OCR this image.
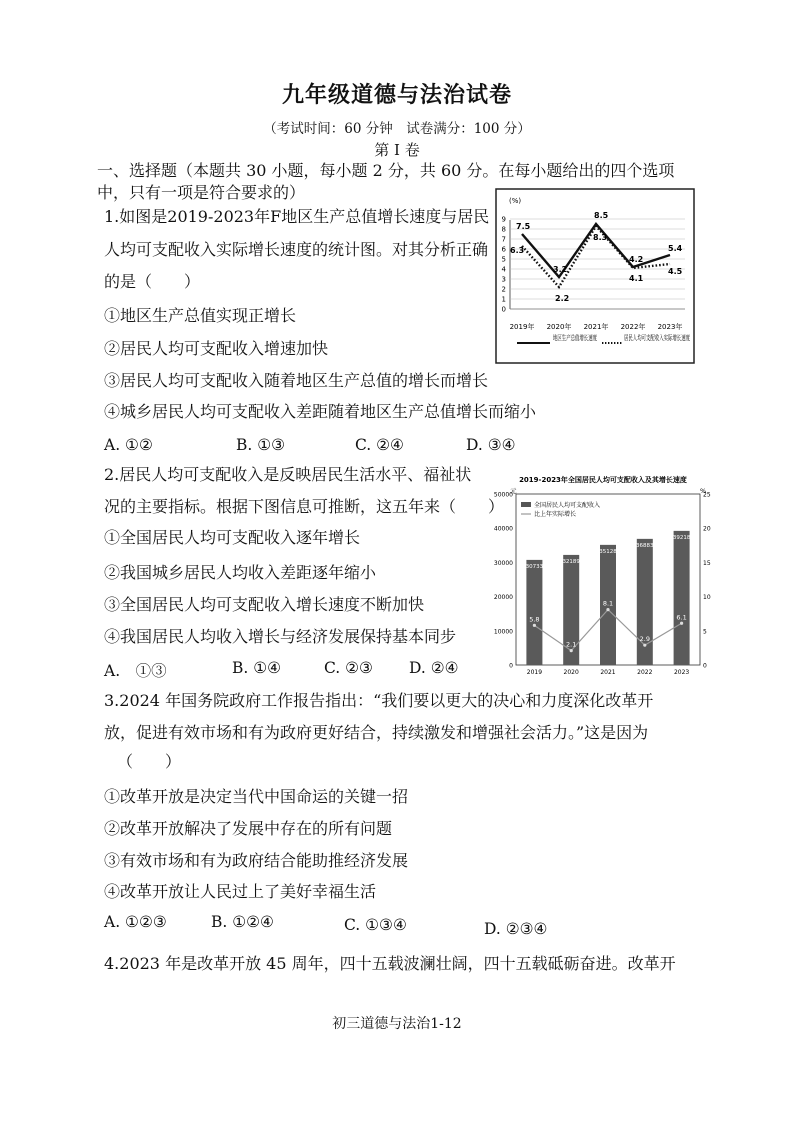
九年级道德与法治试卷
（考试时间：60 分钟　试卷满分：100 分）
第 I 卷
一、选择题（本题共 30 小题，每小题 2 分，共 60 分。在每小题给出的四个选项
中，只有一项是符合要求的）
1.如图是2019-2023年F地区生产总值增长速度与居民
人均可支配收入实际增长速度的统计图。对其分析正确
的是（　　）
①地区生产总值实现正增长
②居民人均可支配收入增速加快
③居民人均可支配收入随着地区生产总值的增长而增长
④城乡居民人均可支配收入差距随着地区生产总值增长而缩小
A. ①②	B. ①③	C. ②④	D. ③④
(%)
0
1
2
3
4
5
6
7
8
9
7.5
3.2
8.5
4.2
5.4
6.3
2.2
8.3
4.1
4.5
2019年 2020年 2021年 2022年 2023年
地区生产总值增长速度 居民人均可支配收入实际增长速度
2.居民人均可支配收入是反映居民生活水平、福祉状
况的主要指标。根据下图信息可推断，这五年来（　　）
①全国居民人均可支配收入逐年增长
②我国城乡居民人均收入差距逐年缩小
③全国居民人均可支配收入增长速度不断加快
④我国居民人均收入增长与经济发展保持基本同步
A.　①③	B. ①④	C. ②③ D. ②④
2019-2023年全国居民人均可支配收入及其增长速度
元	%
0
10000
20000
30000
40000
50000
0
5
10
15
20
25
30733
32189
35128
36883
39218
5.8
2.1
8.1
2.9
6.1
2019	2020	2021	2022	2023
全国居民人均可支配收入
比上年实际增长
3.2024 年国务院政府工作报告指出：“我们要以更大的决心和力度深化改革开
放，促进有效市场和有为政府更好结合，持续激发和增强社会活力。”这是因为
（　　）
①改革开放是决定当代中国命运的关键一招
②改革开放解决了发展中存在的所有问题
③有效市场和有为政府结合能助推经济发展
④改革开放让人民过上了美好幸福生活
A. ①②③	B. ①②④	C. ①③④	D. ②③④
4.2023 年是改革开放 45 周年，四十五载波澜壮阔，四十五载砥砺奋进。改革开
初三道德与法治1-12
